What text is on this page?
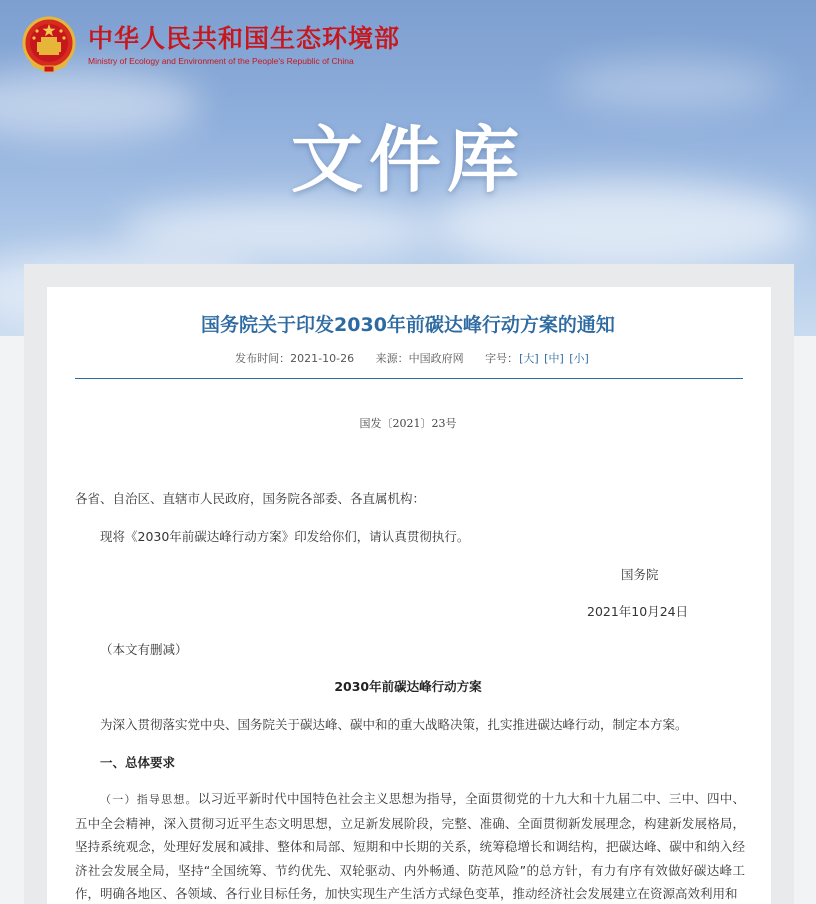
中华人民共和国生态环境部
Ministry of Ecology and Environment of the People's Republic of China
文件库
国务院关于印发2030年前碳达峰行动方案的通知
发布时间：2021-10-26 来源：中国政府网 字号：[大] [中] [小]
国发〔2021〕23号
各省、自治区、直辖市人民政府，国务院各部委、各直属机构：
现将《2030年前碳达峰行动方案》印发给你们，请认真贯彻执行。
国务院
2021年10月24日
（本文有删减）
2030年前碳达峰行动方案
为深入贯彻落实党中央、国务院关于碳达峰、碳中和的重大战略决策，扎实推进碳达峰行动，制定本方案。
一、总体要求
（一）指导思想。以习近平新时代中国特色社会主义思想为指导，全面贯彻党的十九大和十九届二中、三中、四中、五中全会精神，深入贯彻习近平生态文明思想，立足新发展阶段，完整、准确、全面贯彻新发展理念，构建新发展格局，坚持系统观念，处理好发展和减排、整体和局部、短期和中长期的关系，统筹稳增长和调结构，把碳达峰、碳中和纳入经济社会发展全局，坚持“全国统筹、节约优先、双轮驱动、内外畅通、防范风险”的总方针，有力有序有效做好碳达峰工作，明确各地区、各领域、各行业目标任务，加快实现生产生活方式绿色变革，推动经济社会发展建立在资源高效利用和
